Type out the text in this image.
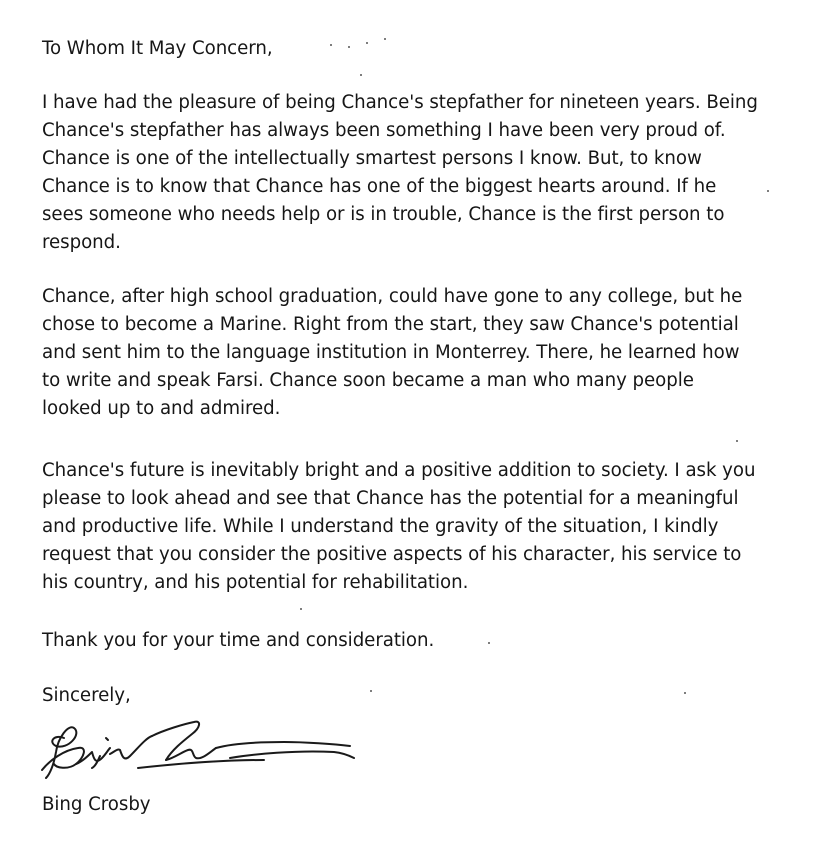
To Whom It May Concern,

I have had the pleasure of being Chance's stepfather for nineteen years. Being

Chance's stepfather has always been something I have been very proud of.

Chance is one of the intellectually smartest persons I know. But, to know

Chance is to know that Chance has one of the biggest hearts around. If he

sees someone who needs help or is in trouble, Chance is the first person to

respond.

Chance, after high school graduation, could have gone to any college, but he

chose to become a Marine. Right from the start, they saw Chance's potential

and sent him to the language institution in Monterrey. There, he learned how

to write and speak Farsi. Chance soon became a man who many people

looked up to and admired.

Chance's future is inevitably bright and a positive addition to society. I ask you

please to look ahead and see that Chance has the potential for a meaningful

and productive life. While I understand the gravity of the situation, I kindly

request that you consider the positive aspects of his character, his service to

his country, and his potential for rehabilitation.

Thank you for your time and consideration.

Sincerely,

Bing Crosby
